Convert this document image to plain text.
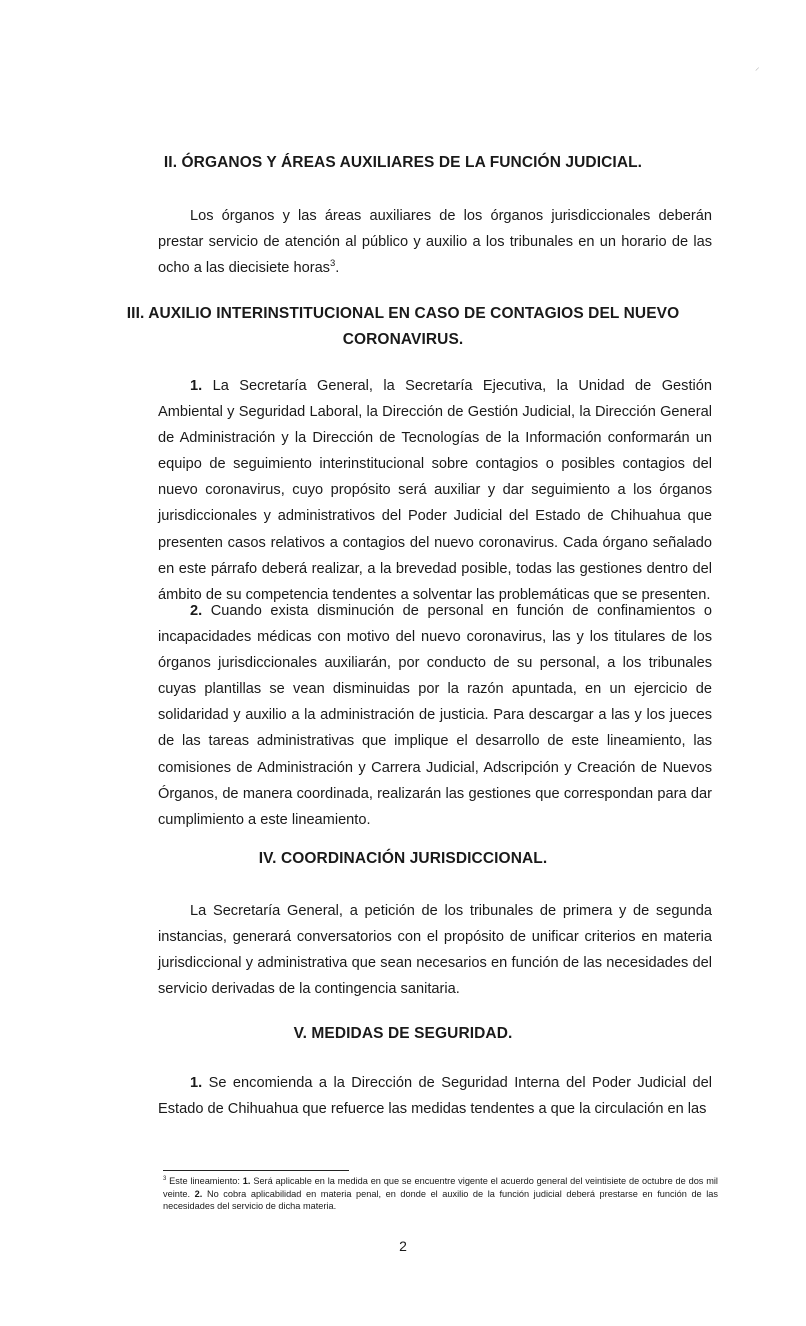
⸝
II. ÓRGANOS Y ÁREAS AUXILIARES DE LA FUNCIÓN JUDICIAL.
Los órganos y las áreas auxiliares de los órganos jurisdiccionales deberán prestar servicio de atención al público y auxilio a los tribunales en un horario de las ocho a las diecisiete horas$^3$.
III. AUXILIO INTERINSTITUCIONAL EN CASO DE CONTAGIOS DEL NUEVO
CORONAVIRUS.
1. La Secretaría General, la Secretaría Ejecutiva, la Unidad de Gestión Ambiental y Seguridad Laboral, la Dirección de Gestión Judicial, la Dirección General de Administración y la Dirección de Tecnologías de la Información conformarán un equipo de seguimiento interinstitucional sobre contagios o posibles contagios del nuevo coronavirus, cuyo propósito será auxiliar y dar seguimiento a los órganos jurisdiccionales y administrativos del Poder Judicial del Estado de Chihuahua que presenten casos relativos a contagios del nuevo coronavirus. Cada órgano señalado en este párrafo deberá realizar, a la brevedad posible, todas las gestiones dentro del ámbito de su competencia tendentes a solventar las problemáticas que se presenten.
2. Cuando exista disminución de personal en función de confinamientos o incapacidades médicas con motivo del nuevo coronavirus, las y los titulares de los órganos jurisdiccionales auxiliarán, por conducto de su personal, a los tribunales cuyas plantillas se vean disminuidas por la razón apuntada, en un ejercicio de solidaridad y auxilio a la administración de justicia. Para descargar a las y los jueces de las tareas administrativas que implique el desarrollo de este lineamiento, las comisiones de Administración y Carrera Judicial, Adscripción y Creación de Nuevos Órganos, de manera coordinada, realizarán las gestiones que correspondan para dar cumplimiento a este lineamiento.
IV. COORDINACIÓN JURISDICCIONAL.
La Secretaría General, a petición de los tribunales de primera y de segunda instancias, generará conversatorios con el propósito de unificar criterios en materia jurisdiccional y administrativa que sean necesarios en función de las necesidades del servicio derivadas de la contingencia sanitaria.
V. MEDIDAS DE SEGURIDAD.
1. Se encomienda a la Dirección de Seguridad Interna del Poder Judicial del Estado de Chihuahua que refuerce las medidas tendentes a que la circulación en las
$^3$ Este lineamiento: 1. Será aplicable en la medida en que se encuentre vigente el acuerdo general del veintisiete de octubre de dos mil veinte. 2. No cobra aplicabilidad en materia penal, en donde el auxilio de la función judicial deberá prestarse en función de las necesidades del servicio de dicha materia.
2
